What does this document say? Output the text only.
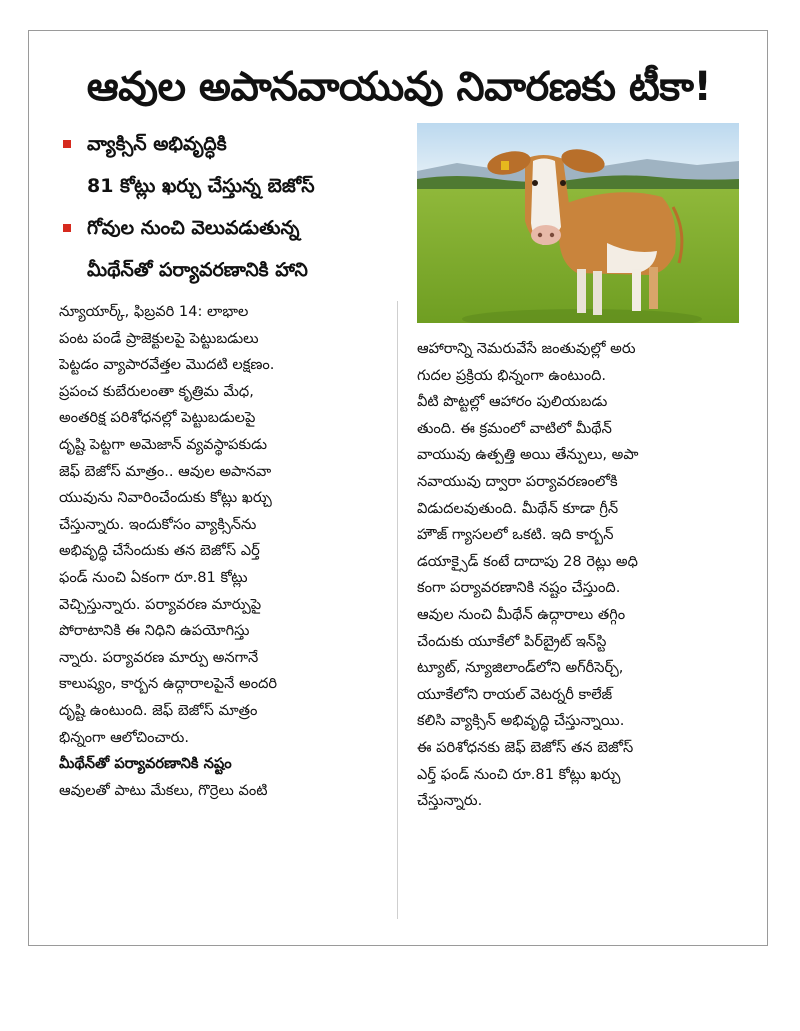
ఆవుల అపానవాయువు నివారణకు టీకా!
వ్యాక్సిన్ అభివృద్ధికి
81 కోట్లు ఖర్చు చేస్తున్న బెజోస్
గోవుల నుంచి వెలువడుతున్న
మీథేన్‌తో పర్యావరణానికి హాని
న్యూయార్క్, ఫిబ్రవరి 14: లాభాల
పంట పండే ప్రాజెక్టులపై పెట్టుబడులు
పెట్టడం వ్యాపారవేత్తల మొదటి లక్షణం.
ప్రపంచ కుబేరులంతా కృత్రిమ మేధ,
అంతరిక్ష పరిశోధనల్లో పెట్టుబడులపై
దృష్టి పెట్టగా అమెజాన్ వ్యవస్థాపకుడు
జెఫ్ బెజోస్ మాత్రం.. ఆవుల అపానవా
యువును నివారించేందుకు కోట్లు ఖర్చు
చేస్తున్నారు. ఇందుకోసం వ్యాక్సిన్‌ను
అభివృద్ధి చేసేందుకు తన బెజోస్ ఎర్త్
ఫండ్ నుంచి ఏకంగా రూ.81 కోట్లు
వెచ్చిస్తున్నారు. పర్యావరణ మార్పుపై
పోరాటానికి ఈ నిధిని ఉపయోగిస్తు
న్నారు. పర్యావరణ మార్పు అనగానే
కాలుష్యం, కార్బన ఉద్గారాలపైనే అందరి
దృష్టి ఉంటుంది. జెఫ్ బెజోస్ మాత్రం
భిన్నంగా ఆలోచించారు.
మీథేన్‌తో పర్యావరణానికి నష్టం
ఆవులతో పాటు మేకలు, గొర్రెలు వంటి
ఆహారాన్ని నెమరువేసే జంతువుల్లో అరు
గుదల ప్రక్రియ భిన్నంగా ఉంటుంది.
వీటి పొట్టల్లో ఆహారం పులియబడు
తుంది. ఈ క్రమంలో వాటిలో మీథేన్
వాయువు ఉత్పత్తి అయి తేన్పులు, అపా
నవాయువు ద్వారా పర్యావరణంలోకి
విడుదలవుతుంది. మీథేన్ కూడా గ్రీన్
హౌజ్ గ్యాసలలో ఒకటి. ఇది కార్బన్
డయాక్సైడ్ కంటే దాదాపు 28 రెట్లు అధి
కంగా పర్యావరణానికి నష్టం చేస్తుంది.
ఆవుల నుంచి మీథేన్ ఉద్గారాలు తగ్గిం
చేందుకు యూకేలో పిర్‌బ్రైట్ ఇన్‌స్టి
ట్యూట్, న్యూజిలాండ్‌లోని అగ్‌రీసెర్చ్,
యూకేలోని రాయల్ వెటర్నరీ కాలేజ్
కలిసి వ్యాక్సిన్ అభివృద్ధి చేస్తున్నాయి.
ఈ పరిశోధనకు జెఫ్ బెజోస్ తన బెజోస్
ఎర్త్ ఫండ్ నుంచి రూ.81 కోట్లు ఖర్చు
చేస్తున్నారు.
